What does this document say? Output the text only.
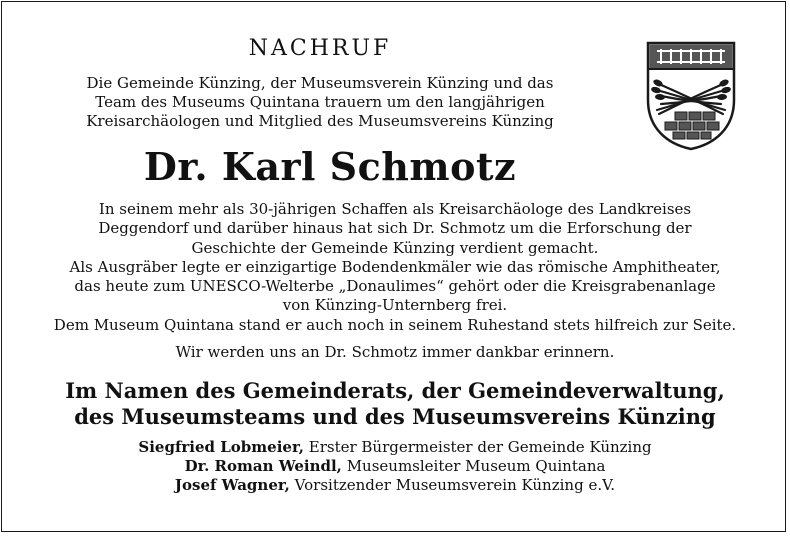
NACHRUF
Die Gemeinde Künzing, der Museumsverein Künzing und das
Team des Museums Quintana trauern um den langjährigen
Kreisarchäologen und Mitglied des Museumsvereins Künzing
Dr. Karl Schmotz
In seinem mehr als 30-jährigen Schaffen als Kreisarchäologe des Landkreises
Deggendorf und darüber hinaus hat sich Dr. Schmotz um die Erforschung der
Geschichte der Gemeinde Künzing verdient gemacht.
Als Ausgräber legte er einzigartige Bodendenkmäler wie das römische Amphitheater,
das heute zum UNESCO-Welterbe „Donaulimes“ gehört oder die Kreisgrabenanlage
von Künzing-Unternberg frei.
Dem Museum Quintana stand er auch noch in seinem Ruhestand stets hilfreich zur Seite.
Wir werden uns an Dr. Schmotz immer dankbar erinnern.
Im Namen des Gemeinderats, der Gemeindeverwaltung,
des Museumsteams und des Museumsvereins Künzing
Siegfried Lobmeier, Erster Bürgermeister der Gemeinde Künzing
Dr. Roman Weindl, Museumsleiter Museum Quintana
Josef Wagner, Vorsitzender Museumsverein Künzing e.V.
